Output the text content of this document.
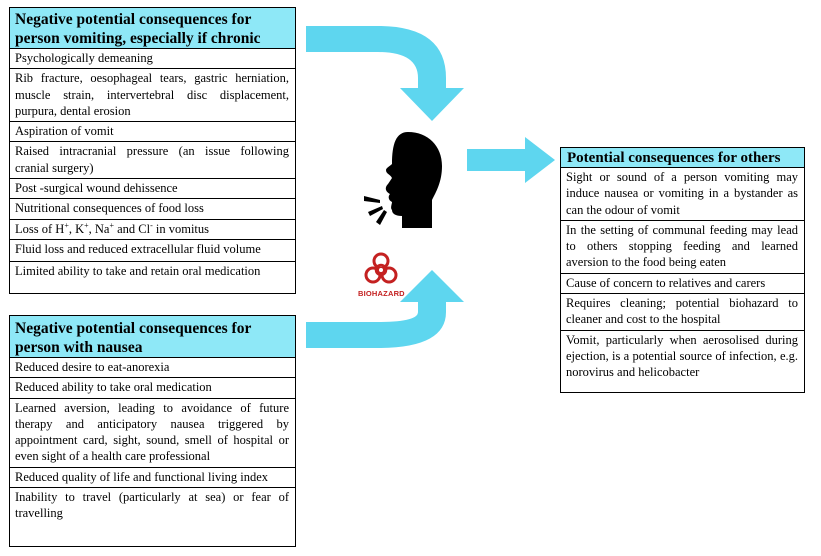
Negative potential consequences for person vomiting, especially if chronic
Psychologically demeaning
Rib fracture, oesophageal tears, gastric herniation, muscle strain, intervertebral disc displacement, purpura, dental erosion
Aspiration of vomit
Raised intracranial pressure (an issue following cranial surgery)
Post -surgical wound dehissence
Nutritional consequences of food loss
Loss of H+, K+, Na+ and Cl- in vomitus
Fluid loss and reduced extracellular fluid volume
Limited ability to take and retain oral medication
Negative potential consequences for person with nausea
Reduced desire to eat-anorexia
Reduced ability to take oral medication
Learned aversion, leading to avoidance of future therapy and anticipatory nausea triggered by appointment card, sight, sound, smell of hospital or even sight of a health care professional
Reduced quality of life and functional living index
Inability to travel (particularly at sea) or fear of travelling
Potential consequences for others
Sight or sound of a person vomiting may induce nausea or vomiting in a bystander as can the odour of vomit
In the setting of communal feeding may lead to others stopping feeding and learned aversion to the food being eaten
Cause of concern to relatives and carers
Requires cleaning; potential biohazard to cleaner and cost to the hospital
Vomit, particularly when aerosolised during ejection, is a potential source of infection, e.g. norovirus and helicobacter
BIOHAZARD
